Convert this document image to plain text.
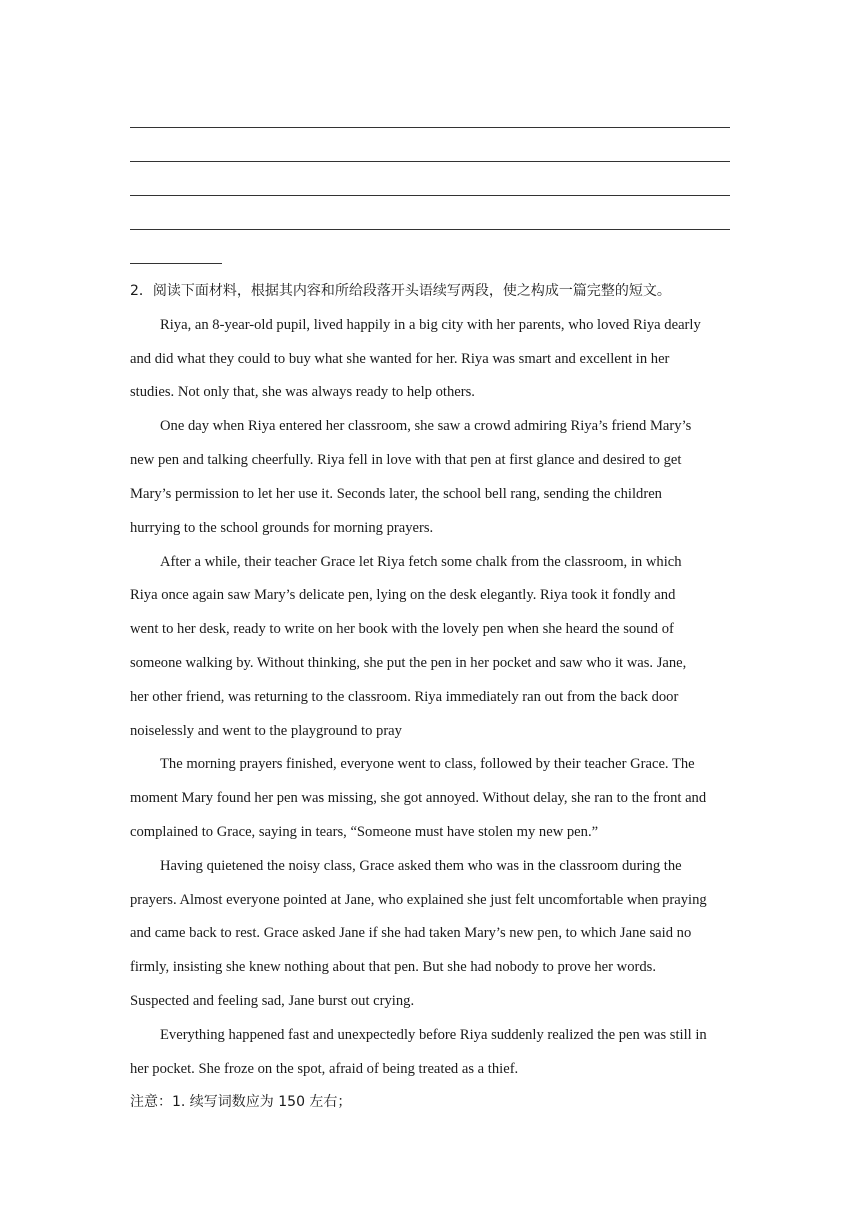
2．阅读下面材料，根据其内容和所给段落开头语续写两段，使之构成一篇完整的短文。
Riya, an 8-year-old pupil, lived happily in a big city with her parents, who loved Riya dearly
and did what they could to buy what she wanted for her. Riya was smart and excellent in her
studies. Not only that, she was always ready to help others.
One day when Riya entered her classroom, she saw a crowd admiring Riya’s friend Mary’s
new pen and talking cheerfully. Riya fell in love with that pen at first glance and desired to get
Mary’s permission to let her use it. Seconds later, the school bell rang, sending the children
hurrying to the school grounds for morning prayers.
After a while, their teacher Grace let Riya fetch some chalk from the classroom, in which
Riya once again saw Mary’s delicate pen, lying on the desk elegantly. Riya took it fondly and
went to her desk, ready to write on her book with the lovely pen when she heard the sound of
someone walking by. Without thinking, she put the pen in her pocket and saw who it was. Jane,
her other friend, was returning to the classroom. Riya immediately ran out from the back door
noiselessly and went to the playground to pray
The morning prayers finished, everyone went to class, followed by their teacher Grace. The
moment Mary found her pen was missing, she got annoyed. Without delay, she ran to the front and
complained to Grace, saying in tears, “Someone must have stolen my new pen.”
Having quietened the noisy class, Grace asked them who was in the classroom during the
prayers. Almost everyone pointed at Jane, who explained she just felt uncomfortable when praying
and came back to rest. Grace asked Jane if she had taken Mary’s new pen, to which Jane said no
firmly, insisting she knew nothing about that pen. But she had nobody to prove her words.
Suspected and feeling sad, Jane burst out crying.
Everything happened fast and unexpectedly before Riya suddenly realized the pen was still in
her pocket. She froze on the spot, afraid of being treated as a thief.
注意：1. 续写词数应为 150 左右；
